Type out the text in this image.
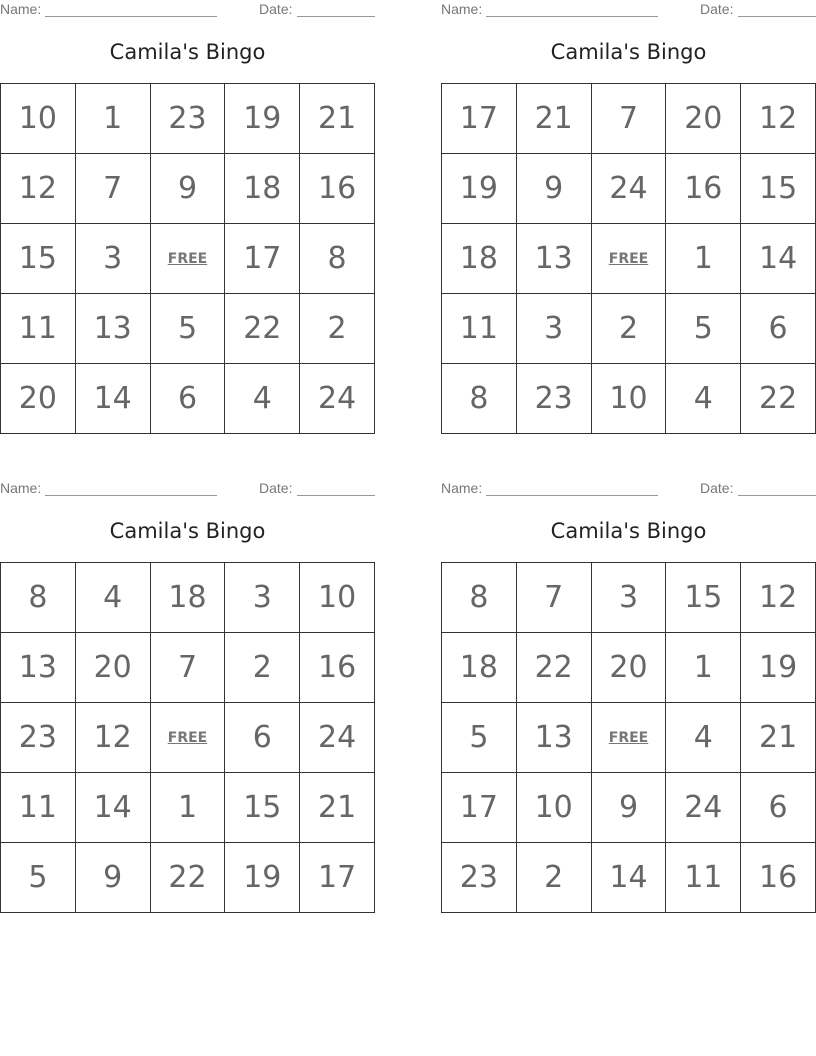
Name:	Date:
Camila's Bingo
10	1	23	19	21
12	7	9	18	16
15	3	FREE	17	8
11	13	5	22	2
20	14	6	4	24
Name:	Date:
Camila's Bingo
17	21	7	20	12
19	9	24	16	15
18	13	FREE	1	14
11	3	2	5	6
8	23	10	4	22
Name:	Date:
Camila's Bingo
8	4	18	3	10
13	20	7	2	16
23	12	FREE	6	24
11	14	1	15	21
5	9	22	19	17
Name:	Date:
Camila's Bingo
8	7	3	15	12
18	22	20	1	19
5	13	FREE	4	21
17	10	9	24	6
23	2	14	11	16
